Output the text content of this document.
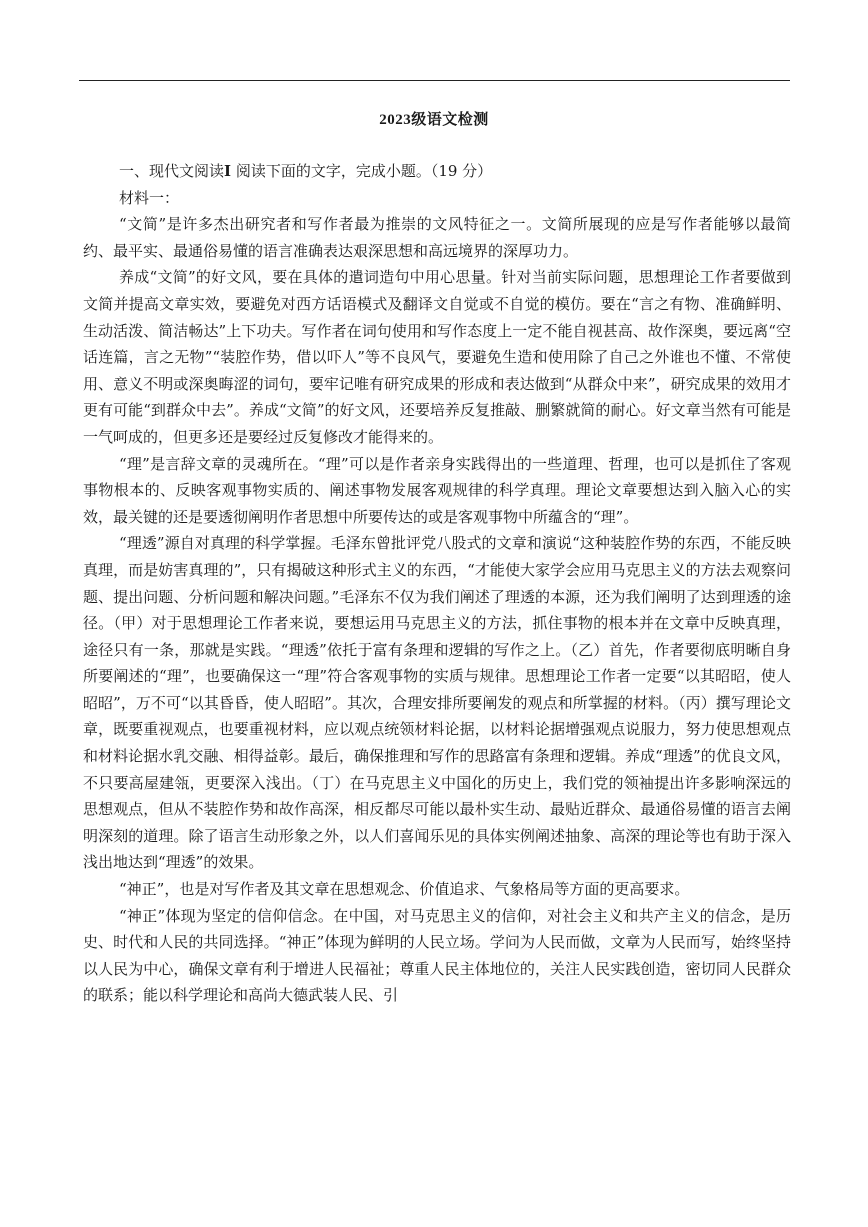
2023级语文检测
一、现代文阅读I 阅读下面的文字，完成小题。（19 分）
材料一：

“文简”是许多杰出研究者和写作者最为推崇的文风特征之一。文简所展现的应是写作者能够以最简约、最平实、最通俗易懂的语言准确表达艰深思想和高远境界的深厚功力。

养成“文简”的好文风，要在具体的遣词造句中用心思量。针对当前实际问题，思想理论工作者要做到文简并提高文章实效，要避免对西方话语模式及翻译文自觉或不自觉的模仿。要在“言之有物、准确鲜明、生动活泼、简洁畅达”上下功夫。写作者在词句使用和写作态度上一定不能自视甚高、故作深奥，要远离“空话连篇，言之无物”“装腔作势，借以吓人”等不良风气，要避免生造和使用除了自己之外谁也不懂、不常使用、意义不明或深奥晦涩的词句，要牢记唯有研究成果的形成和表达做到“从群众中来”，研究成果的效用才更有可能“到群众中去”。养成“文简”的好文风，还要培养反复推敲、删繁就简的耐心。好文章当然有可能是一气呵成的，但更多还是要经过反复修改才能得来的。

“理”是言辞文章的灵魂所在。“理”可以是作者亲身实践得出的一些道理、哲理，也可以是抓住了客观事物根本的、反映客观事物实质的、阐述事物发展客观规律的科学真理。理论文章要想达到入脑入心的实效，最关键的还是要透彻阐明作者思想中所要传达的或是客观事物中所蕴含的“理”。

“理透”源自对真理的科学掌握。毛泽东曾批评党八股式的文章和演说“这种装腔作势的东西，不能反映真理，而是妨害真理的”，只有揭破这种形式主义的东西，“才能使大家学会应用马克思主义的方法去观察问题、提出问题、分析问题和解决问题。”毛泽东不仅为我们阐述了理透的本源，还为我们阐明了达到理透的途径。（甲）对于思想理论工作者来说，要想运用马克思主义的方法，抓住事物的根本并在文章中反映真理，途径只有一条，那就是实践。“理透”依托于富有条理和逻辑的写作之上。（乙）首先，作者要彻底明晰自身所要阐述的“理”，也要确保这一“理”符合客观事物的实质与规律。思想理论工作者一定要“以其昭昭，使人昭昭”，万不可“以其昏昏，使人昭昭”。其次，合理安排所要阐发的观点和所掌握的材料。（丙）撰写理论文章，既要重视观点，也要重视材料，应以观点统领材料论据，以材料论据增强观点说服力，努力使思想观点和材料论据水乳交融、相得益彰。最后，确保推理和写作的思路富有条理和逻辑。养成“理透”的优良文风，不只要高屋建瓴，更要深入浅出。（丁）在马克思主义中国化的历史上，我们党的领袖提出许多影响深远的思想观点，但从不装腔作势和故作高深，相反都尽可能以最朴实生动、最贴近群众、最通俗易懂的语言去阐明深刻的道理。除了语言生动形象之外，以人们喜闻乐见的具体实例阐述抽象、高深的理论等也有助于深入浅出地达到“理透”的效果。

“神正”，也是对写作者及其文章在思想观念、价值追求、气象格局等方面的更高要求。

“神正”体现为坚定的信仰信念。在中国，对马克思主义的信仰，对社会主义和共产主义的信念，是历史、时代和人民的共同选择。“神正”体现为鲜明的人民立场。学问为人民而做，文章为人民而写，始终坚持以人民为中心，确保文章有利于增进人民福祉；尊重人民主体地位的，关注人民实践创造，密切同人民群众的联系；能以科学理论和高尚大德武装人民、引
